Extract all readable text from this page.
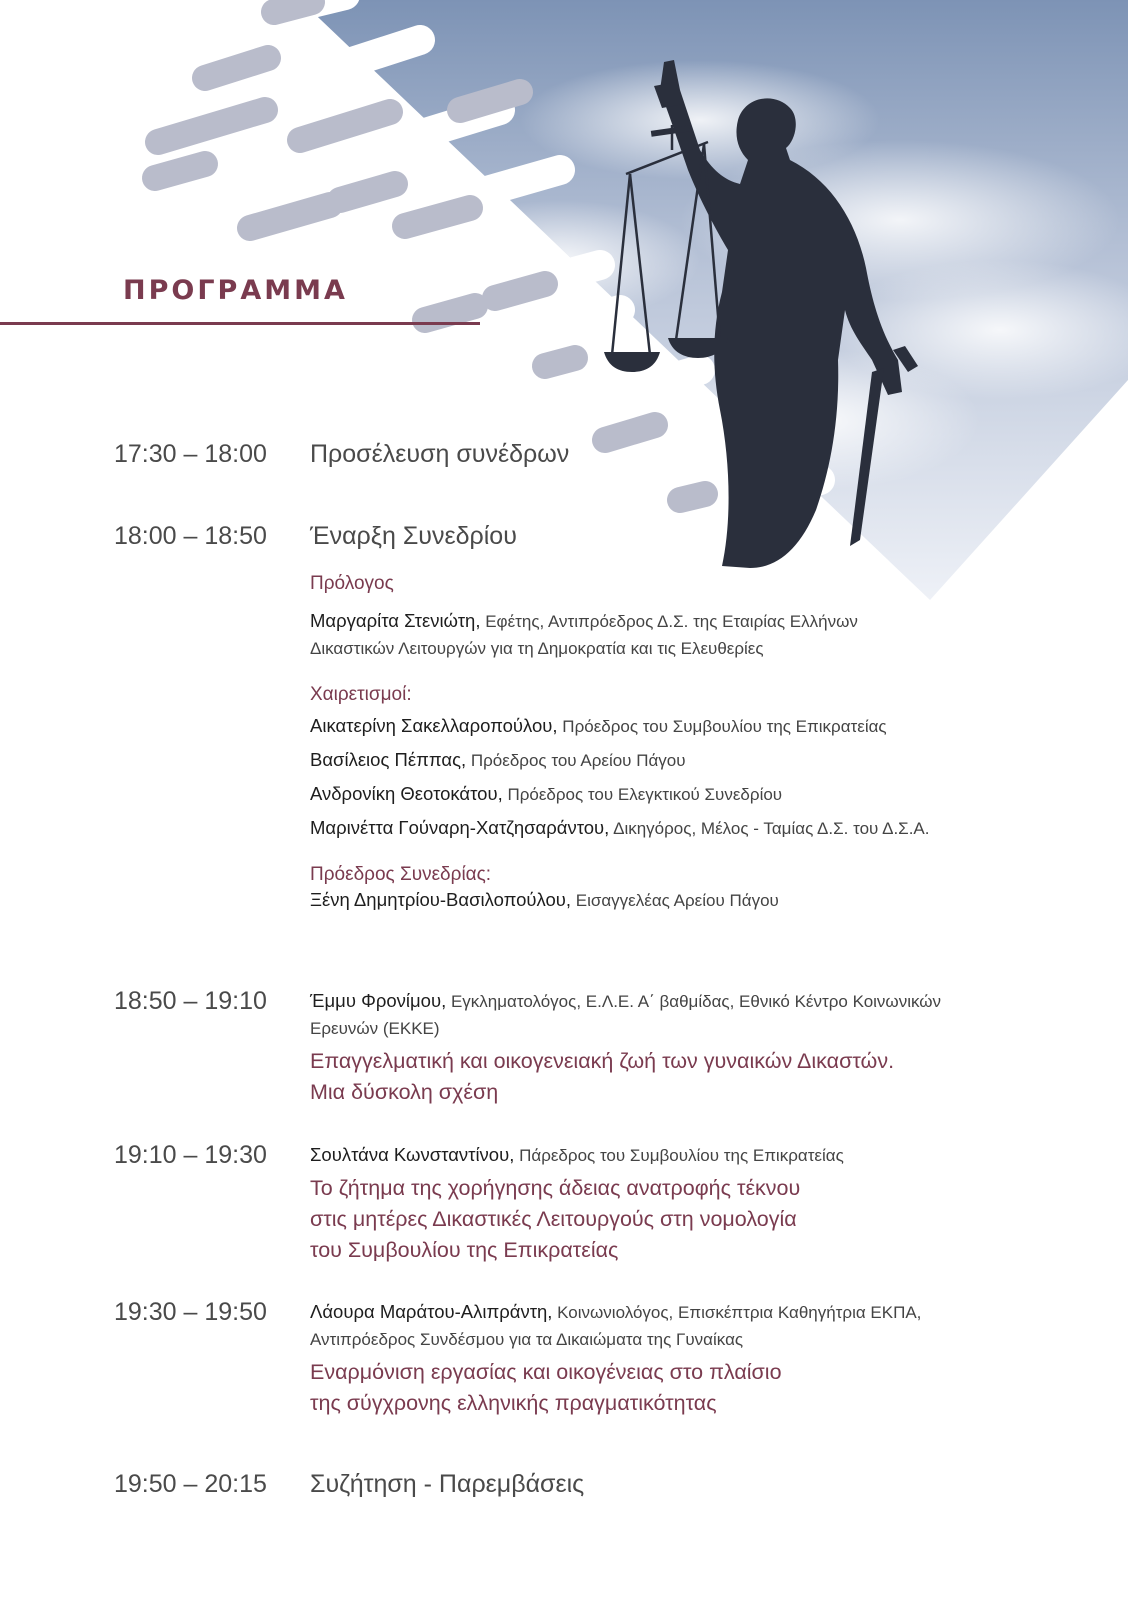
ΠΡΟΓΡΑΜΜΑ
17:30 – 18:00 Προσέλευση συνέδρων
18:00 – 18:50 Έναρξη Συνεδρίου
Πρόλογος
Μαργαρίτα Στενιώτη, Εφέτης, Αντιπρόεδρος Δ.Σ. της Εταιρίας Ελλήνων
Δικαστικών Λειτουργών για τη Δημοκρατία και τις Ελευθερίες
Χαιρετισμοί:
Αικατερίνη Σακελλαροπούλου, Πρόεδρος του Συμβουλίου της Επικρατείας
Βασίλειος Πέππας, Πρόεδρος του Αρείου Πάγου
Ανδρονίκη Θεοτοκάτου, Πρόεδρος του Ελεγκτικού Συνεδρίου
Μαρινέττα Γούναρη-Χατζησαράντου, Δικηγόρος, Μέλος - Ταμίας Δ.Σ. του Δ.Σ.Α.
Πρόεδρος Συνεδρίας:
Ξένη Δημητρίου-Βασιλοπούλου, Εισαγγελέας Αρείου Πάγου
18:50 – 19:10 Έμμυ Φρονίμου, Εγκληματολόγος, Ε.Λ.Ε. Α΄ βαθμίδας, Εθνικό Κέντρο Κοινωνικών
Ερευνών (ΕΚΚΕ)
Επαγγελματική και οικογενειακή ζωή των γυναικών Δικαστών.
Μια δύσκολη σχέση
19:10 – 19:30 Σουλτάνα Κωνσταντίνου, Πάρεδρος του Συμβουλίου της Επικρατείας
Το ζήτημα της χορήγησης άδειας ανατροφής τέκνου
στις μητέρες Δικαστικές Λειτουργούς στη νομολογία
του Συμβουλίου της Επικρατείας
19:30 – 19:50 Λάουρα Μαράτου-Αλιπράντη, Κοινωνιολόγος, Επισκέπτρια Καθηγήτρια ΕΚΠΑ,
Αντιπρόεδρος Συνδέσμου για τα Δικαιώματα της Γυναίκας
Εναρμόνιση εργασίας και οικογένειας στο πλαίσιο
της σύγχρονης ελληνικής πραγματικότητας
19:50 – 20:15 Συζήτηση - Παρεμβάσεις
